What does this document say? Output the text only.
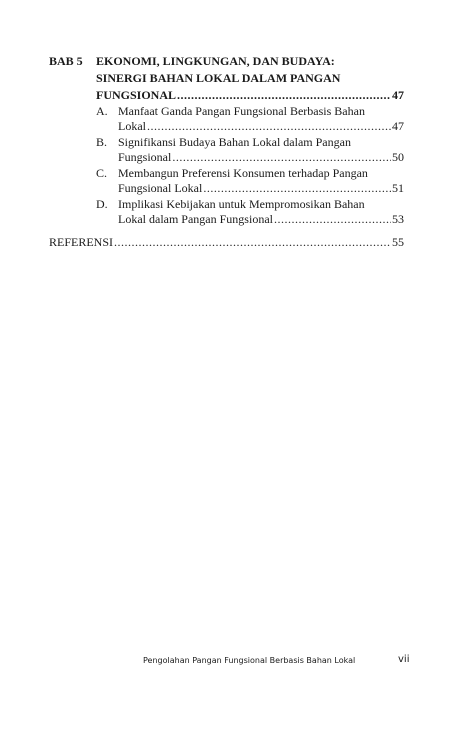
BAB 5 EKONOMI, LINGKUNGAN, DAN BUDAYA:
SINERGI BAHAN LOKAL DALAM PANGAN
FUNGSIONAL .....	47
A. Manfaat Ganda Pangan Fungsional Berbasis Bahan
Lokal .....	47
B. Signifikansi Budaya Bahan Lokal dalam Pangan
Fungsional .....	50
C. Membangun Preferensi Konsumen terhadap Pangan
Fungsional Lokal .....	51
D. Implikasi Kebijakan untuk Mempromosikan Bahan
Lokal dalam Pangan Fungsional .....	53
REFERENSI .....	55
Pengolahan Pangan Fungsional Berbasis Bahan Lokal	vii
